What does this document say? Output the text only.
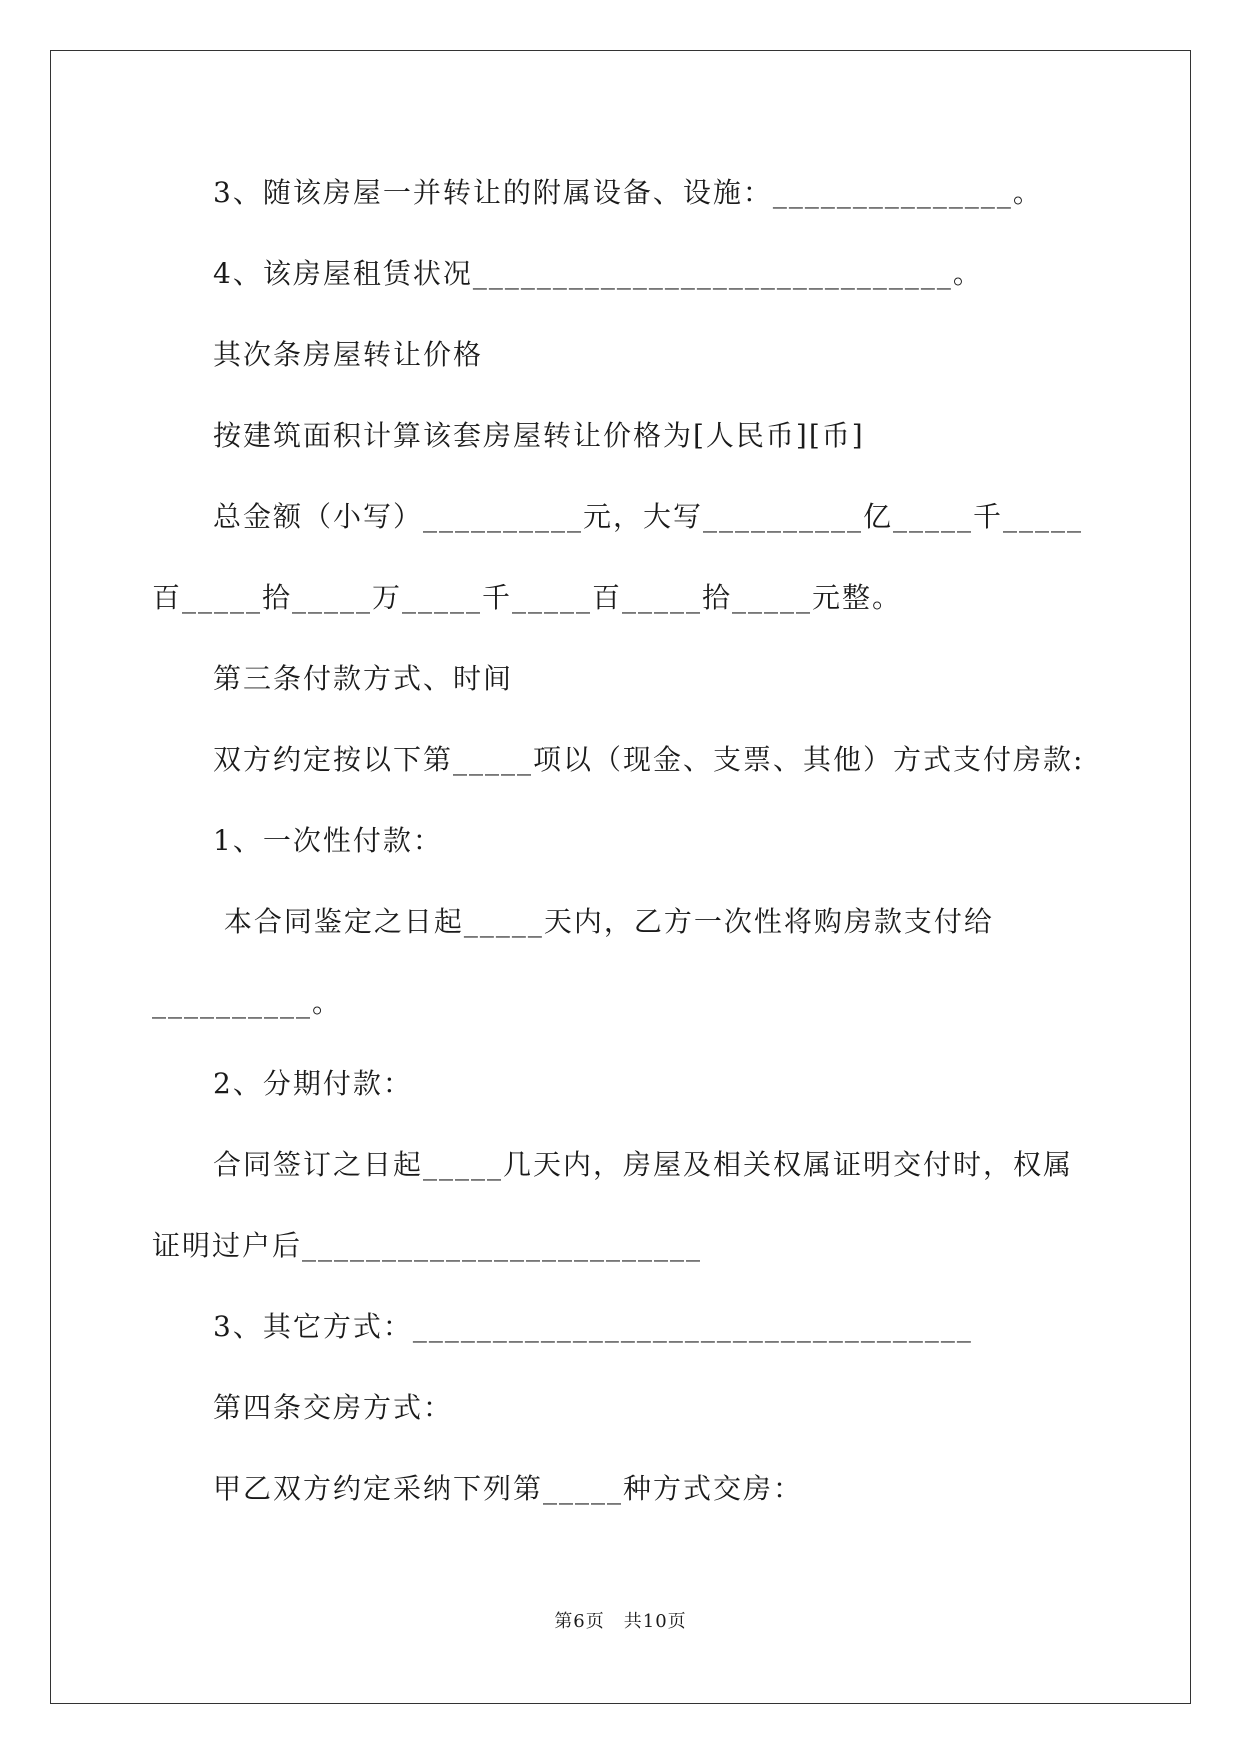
3、随该房屋一并转让的附属设备、设施：_______________。
4、该房屋租赁状况______________________________。
其次条房屋转让价格
按建筑面积计算该套房屋转让价格为[人民币][币]
总金额（小写）__________元，大写__________亿_____千_____
百_____拾_____万_____千_____百_____拾_____元整。
第三条付款方式、时间
双方约定按以下第_____项以（现金、支票、其他）方式支付房款:
1、一次性付款：
本合同鉴定之日起_____天内，乙方一次性将购房款支付给
__________。
2、分期付款：
合同签订之日起_____几天内，房屋及相关权属证明交付时，权属
证明过户后_________________________
3、其它方式：___________________________________
第四条交房方式：
甲乙双方约定采纳下列第_____种方式交房：
第6页　共10页
